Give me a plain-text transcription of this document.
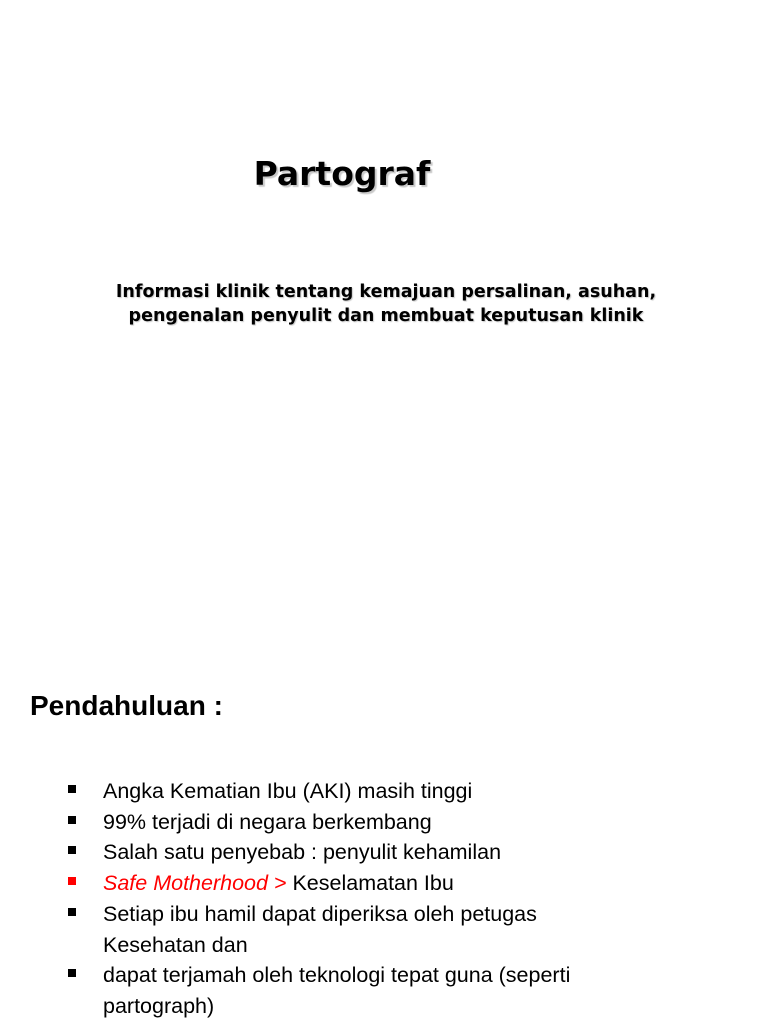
Partograf

Informasi klinik tentang kemajuan persalinan, asuhan,
pengenalan penyulit dan membuat keputusan klinik

Pendahuluan :
Angka Kematian Ibu (AKI) masih tinggi
99% terjadi di negara berkembang
Salah satu penyebab : penyulit kehamilan
Safe Motherhood > Keselamatan Ibu
Setiap ibu hamil dapat diperiksa oleh petugas
Kesehatan dan
dapat terjamah oleh teknologi tepat guna (seperti
partograph)
